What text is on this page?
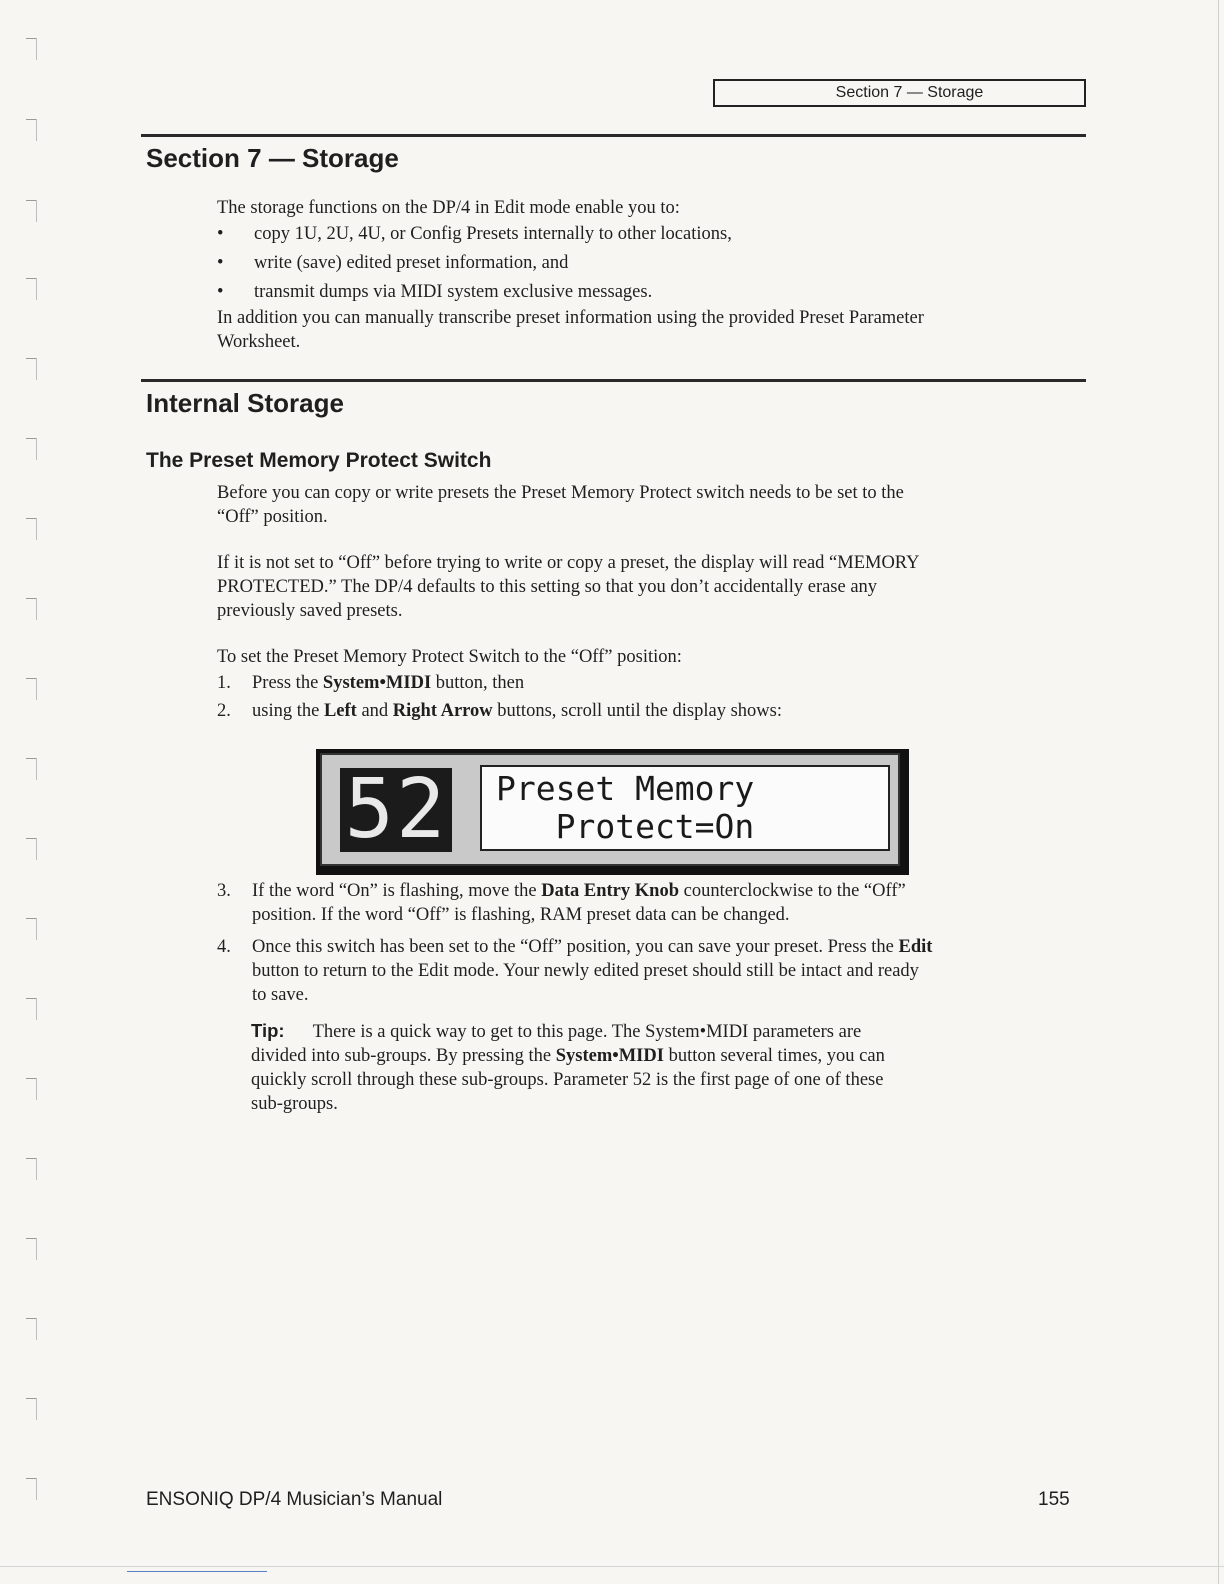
Section 7 — Storage
Section 7 — Storage
The storage functions on the DP/4 in Edit mode enable you to:
•	copy 1U, 2U, 4U, or Config Presets internally to other locations,
•	write (save) edited preset information, and
•	transmit dumps via MIDI system exclusive messages.
In addition you can manually transcribe preset information using the provided Preset Parameter
Worksheet.
Internal Storage
The Preset Memory Protect Switch
Before you can copy or write presets the Preset Memory Protect switch needs to be set to the
“Off” position.
If it is not set to “Off” before trying to write or copy a preset, the display will read “MEMORY
PROTECTED.” The DP/4 defaults to this setting so that you don’t accidentally erase any
previously saved presets.
To set the Preset Memory Protect Switch to the “Off” position:
1.	Press the System•MIDI button, then
2.	using the Left and Right Arrow buttons, scroll until the display shows:
52 Preset Memory
Protect=On
3.	If the word “On” is flashing, move the Data Entry Knob counterclockwise to the “Off”
position. If the word “Off” is flashing, RAM preset data can be changed.
4.	Once this switch has been set to the “Off” position, you can save your preset. Press the Edit
button to return to the Edit mode. Your newly edited preset should still be intact and ready
to save.
Tip: There is a quick way to get to this page. The System•MIDI parameters are
divided into sub-groups. By pressing the System•MIDI button several times, you can
quickly scroll through these sub-groups. Parameter 52 is the first page of one of these
sub-groups.
ENSONIQ DP/4 Musician’s Manual	155
